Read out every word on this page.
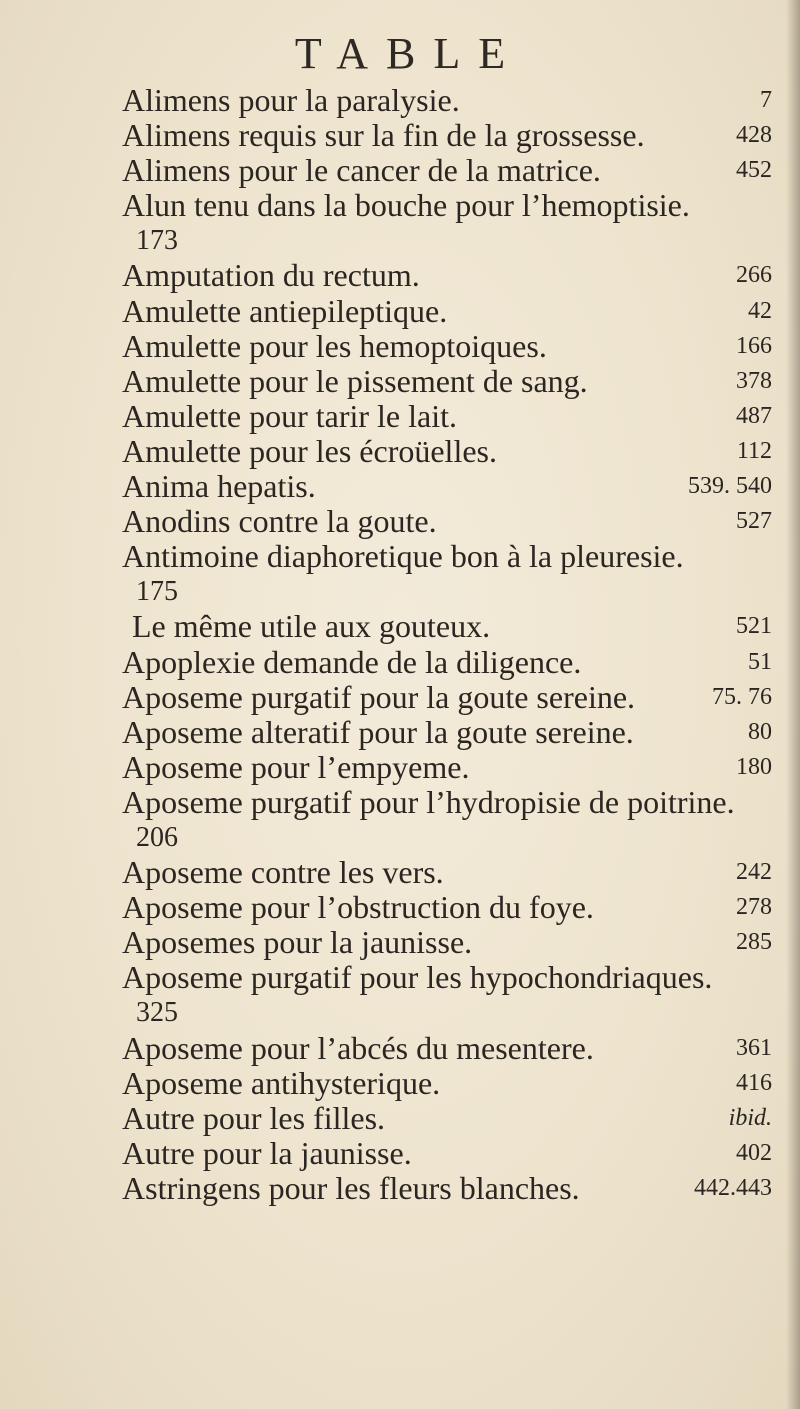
TABLE
Alimens pour la paralysie.	7
Alimens requis sur la fin de la grossesse.	428
Alimens pour le cancer de la matrice.	452
Alun tenu dans la bouche pour l’hemoptisie.
173
Amputation du rectum.	266
Amulette antiepileptique.	42
Amulette pour les hemoptoiques.	166
Amulette pour le pissement de sang.	378
Amulette pour tarir le lait.	487
Amulette pour les écroüelles.	112
Anima hepatis.	539. 540
Anodins contre la goute.	527
Antimoine diaphoretique bon à la pleuresie.
175
Le même utile aux gouteux.	521
Apoplexie demande de la diligence.	51
Aposeme purgatif pour la goute sereine.	75. 76
Aposeme alteratif pour la goute sereine.	80
Aposeme pour l’empyeme.	180
Aposeme purgatif pour l’hydropisie de poitrine.
206
Aposeme contre les vers.	242
Aposeme pour l’obstruction du foye.	278
Aposemes pour la jaunisse.	285
Aposeme purgatif pour les hypochondriaques.
325
Aposeme pour l’abcés du mesentere.	361
Aposeme antihysterique.	416
Autre pour les filles.	ibid.
Autre pour la jaunisse.	402
Astringens pour les fleurs blanches.	442.443
